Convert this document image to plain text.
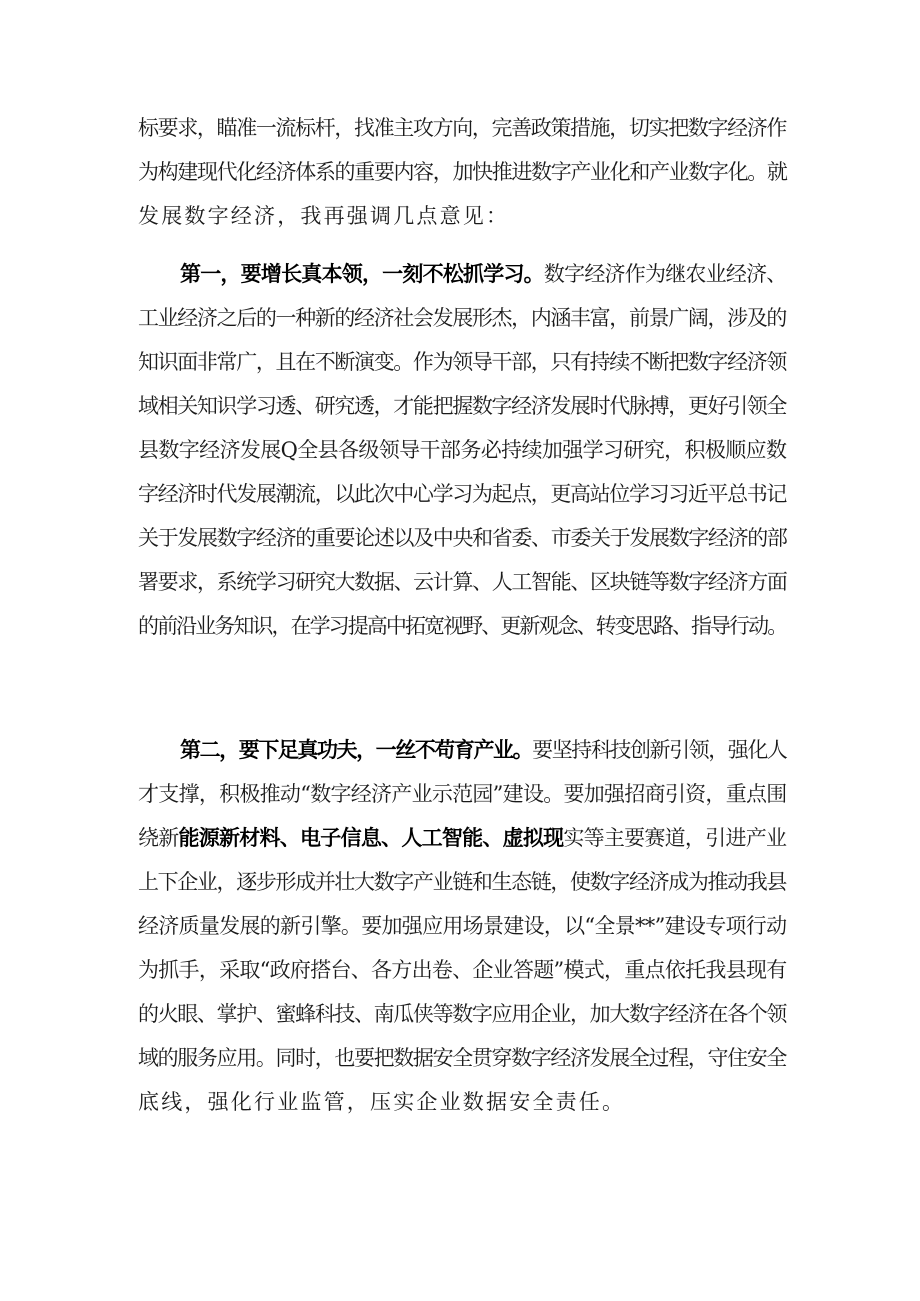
标要求，瞄准一流标杆，找准主攻方向，完善政策措施，切实把数字经济作
为构建现代化经济体系的重要内容，加快推进数字产业化和产业数字化。就
发展数字经济，我再强调几点意见：
第一，要增长真本领，一刻不松抓学习。数字经济作为继农业经济、
工业经济之后的一种新的经济社会发展形杰，内涵丰富，前景广阔，涉及的
知识面非常广，且在不断演变。作为领导干部，只有持续不断把数字经济领
域相关知识学习透、研究透，才能把握数字经济发展时代脉搏，更好引领全
县数字经济发展Q全县各级领导干部务必持续加强学习研究，积极顺应数
字经济时代发展潮流，以此次中心学习为起点，更高站位学习习近平总书记
关于发展数字经济的重要论述以及中央和省委、市委关于发展数字经济的部
署要求，系统学习研究大数据、云计算、人工智能、区块链等数字经济方面
的前沿业务知识，在学习提高中拓宽视野、更新观念、转变思路、指导行动。
第二，要下足真功夫，一丝不苟育产业。要坚持科技创新引领，强化人
才支撑，积极推动“数字经济产业示范园”建设。要加强招商引资，重点围
绕新能源新材料、电子信息、人工智能、虚拟现实等主要赛道，引进产业
上下企业，逐步形成并壮大数字产业链和生态链，使数字经济成为推动我县
经济质量发展的新引擎。要加强应用场景建设，以“全景**”建设专项行动
为抓手，采取“政府搭台、各方出卷、企业答题”模式，重点依托我县现有
的火眼、掌护、蜜蜂科技、南瓜侠等数字应用企业，加大数字经济在各个领
域的服务应用。同时，也要把数据安全贯穿数字经济发展全过程，守住安全
底线，强化行业监管，压实企业数据安全责任。
